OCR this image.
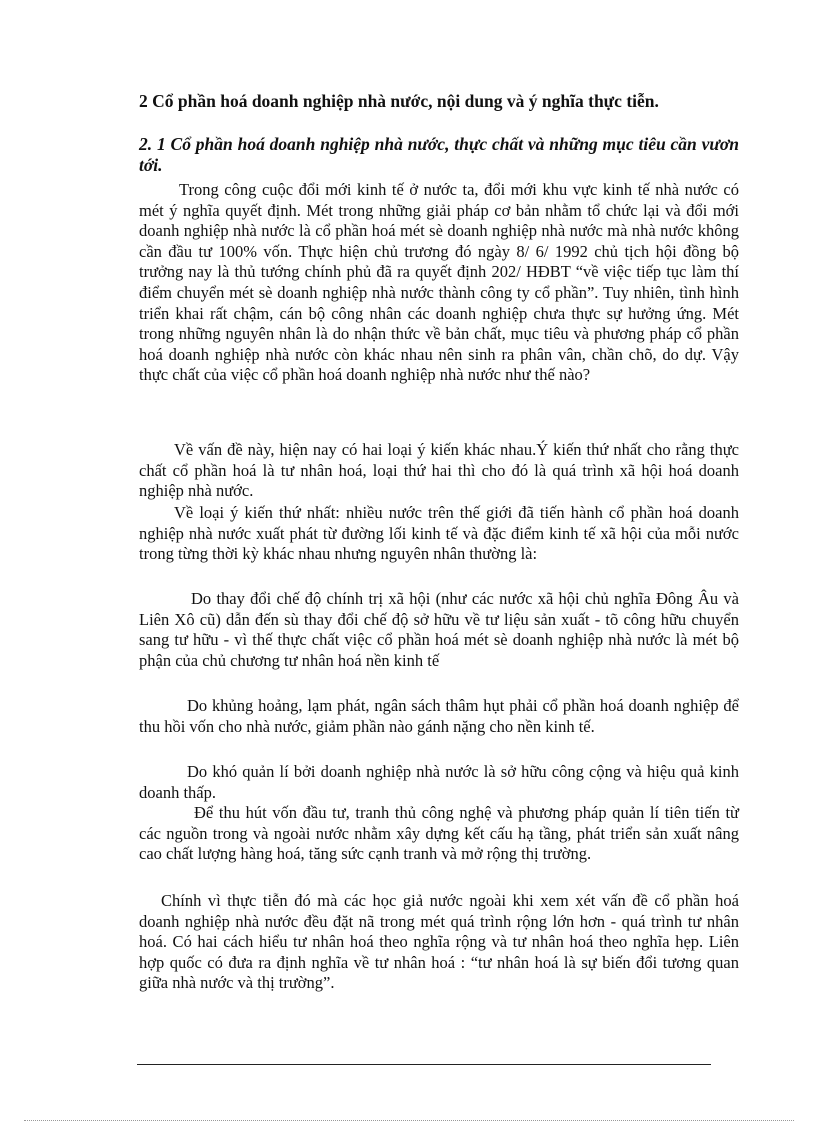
2 Cổ phần hoá doanh nghiệp nhà nước, nội dung và ý nghĩa thực tiễn.
2. 1 Cổ phần hoá doanh nghiệp nhà nước, thực chất và những mục tiêu cần vươn tới.
Trong công cuộc đổi mới kinh tế ở nước ta, đổi mới khu vực kinh tế nhà nước có mét ý nghĩa quyết định. Mét trong những giải pháp cơ bản nhằm tổ chức lại và đổi mới doanh nghiệp nhà nước là cổ phần hoá mét sè doanh nghiệp nhà nước mà nhà nước không cần đầu tư 100% vốn. Thực hiện chủ trương đó ngày 8/ 6/ 1992 chủ tịch hội đồng bộ trưởng nay là thủ tướng chính phủ đã ra quyết định 202/ HĐBT “về việc tiếp tục làm thí điểm chuyển mét sè doanh nghiệp nhà nước thành công ty cổ phần”. Tuy nhiên, tình hình triển khai rất chậm, cán bộ công nhân các doanh nghiệp chưa thực sự hưởng ứng. Mét trong những nguyên nhân là do nhận thức về bản chất, mục tiêu và phương pháp cổ phần hoá doanh nghiệp nhà nước còn khác nhau nên sinh ra phân vân, chần chõ, do dự. Vậy thực chất của việc cổ phần hoá doanh nghiệp nhà nước như thế nào?
Về vấn đề này, hiện nay có hai loại ý kiến khác nhau.Ý kiến thứ nhất cho rằng thực chất cổ phần hoá là tư nhân hoá, loại thứ hai thì cho đó là quá trình xã hội hoá doanh nghiệp nhà nước.
Về loại ý kiến thứ nhất: nhiều nước trên thế giới đã tiến hành cổ phần hoá doanh nghiệp nhà nước xuất phát từ đường lối kinh tế và đặc điểm kinh tế xã hội của mỗi nước trong từng thời kỳ khác nhau nhưng nguyên nhân thường là:
Do thay đổi chế độ chính trị xã hội (như các nước xã hội chủ nghĩa Đông Âu và Liên Xô cũ) dẫn đến sù thay đổi chế độ sở hữu về tư liệu sản xuất - tõ công hữu chuyển sang tư hữu - vì thế thực chất việc cổ phần hoá mét sè doanh nghiệp nhà nước là mét bộ phận của chủ chương tư nhân hoá nền kinh tế
Do khủng hoảng, lạm phát, ngân sách thâm hụt phải cổ phần hoá doanh nghiệp để thu hồi vốn cho nhà nước, giảm phần nào gánh nặng cho nền kinh tế.
Do khó quản lí bởi doanh nghiệp nhà nước là sở hữu công cộng và hiệu quả kinh doanh thấp.
Để thu hút vốn đầu tư, tranh thủ công nghệ và phương pháp quản lí tiên tiến từ các nguồn trong và ngoài nước nhằm xây dựng kết cấu hạ tầng, phát triển sản xuất nâng cao chất lượng hàng hoá, tăng sức cạnh tranh và mở rộng thị trường.
Chính vì thực tiễn đó mà các học giả nước ngoài khi xem xét vấn đề cổ phần hoá doanh nghiệp nhà nước đều đặt nã trong mét quá trình rộng lớn hơn - quá trình tư nhân hoá. Có hai cách hiểu tư nhân hoá theo nghĩa rộng và tư nhân hoá theo nghĩa hẹp. Liên hợp quốc có đưa ra định nghĩa về tư nhân hoá : “tư nhân hoá là sự biến đổi tương quan giữa nhà nước và thị trường”.
